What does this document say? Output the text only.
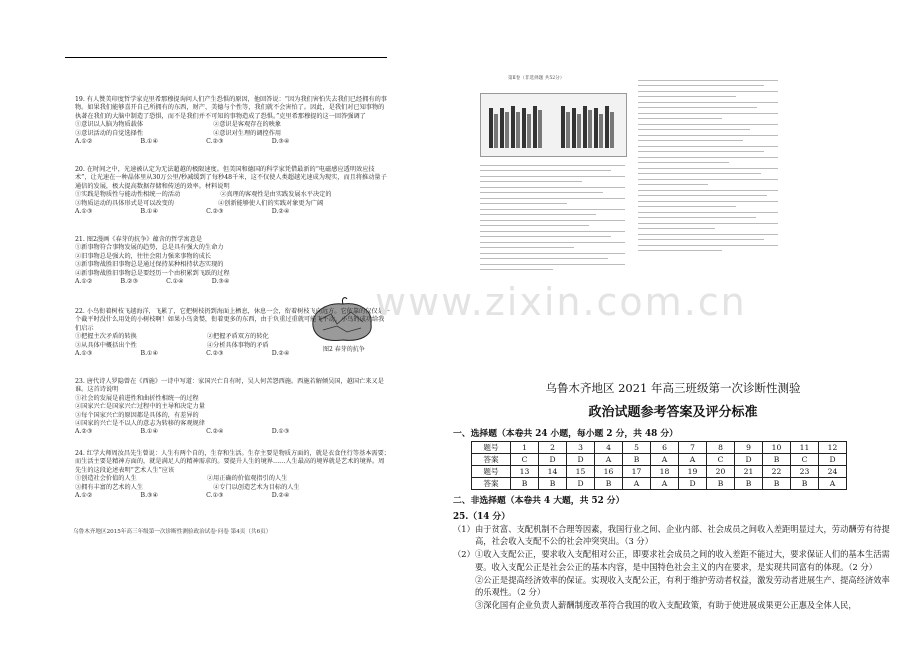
19. 有人赞美印度哲学家克里希那穆提询问人们产生恐惧的原因，他回答说：“因为我们害怕失去我们已经拥有的事物。如果我们能够喜开自己所拥有的东西，财产、美德与个性等，我们就不会害怕了。因此，是我们对已知事物的执著在我们的大脑中制造了恐惧，而不是我们并不可知的事物造成了恐惧。”克里希那穆提的这一回答强调了
①意识以人脑为物质载体	②意识是客观存在的映象
③意识活动的自觉选择性	④意识对生理的调控作用
A.①②	B.①④	C.②③	D.③④
20. 在时间之中，光速被认定为无法超越的极限速度。但美国和德国的科学家凭借最新的“电磁感应透明效应技术”，让光速在一种晶体里从30万公里/秒减缓到了每秒48千米，这不仅使人类超越光速成为现实，而且将推动量子通信的发展，极大提高数据存储和传送的效率。材料说明
①实践是物质性与能动性相统一的活动	②真理的客观性是由实践发展水平决定的
③物质运动的具体形式是可以改变的	④创新能够使人们的实践对象更为广阔
A.①③	B.①④	C.②③	D.②④
21. 图2漫画《春芽的抗争》蕴含的哲学寓意是
①新事物符合事物发展的趋势，总是具有强大的生命力
②旧事物总是强大的，往往会阻力强来事物的成长
③新事物战胜旧事物总是通过保持某种相持状态实现的
④新事物战胜旧事物总是要经历一个由积累到飞跃的过程
A.①②	B.②③	C.①④	D.③④
图2 春芽的抗争
22. 小鸟衔着树枝飞越海洋，飞累了，它把树枝扔到海面上栖息，休息一会，衔着树枝飞向远方。它依靠的仅仅是一个截平时没什么用处的小树枝啊！如果小鸟贪婪，衔着更多的东西，由于负重过重就可能飞不动。小鸟的成功给我们启示
①把握主次矛盾的转换	②把握矛盾双方的转化
③从具体中概括出个性	④分析具体事物的矛盾
A.①③	B.①④	C.②③	D.②④
23. 唐代诗人罗隐曾在《西施》一诗中写道：家国兴亡自有时，吴人何苦怨西施。西施若解倾吴国，越国亡来又是谁。这首诗说明
①社会的发展是前进性和曲折性相统一的过程
②国家兴亡是国家兴亡过程中的主导和决定力量
③每个国家兴亡的原因都是具体的，有差异的
④国家的兴亡是不以人的意志为转移的客观规律
A.②③	B.①④	C.②④	D.①③
24. 红学大师周汝昌先生曾说：人生有两个自的，生存和生活。生存主要是物质方面的，就是衣食住行等基本需要；而生活主要是精神方面的，就是满足人的精神需求的。要提升人生的境界……人生最高的境界就是艺术的境界。周先生的这段论述表明“艺术人生”应该
①创造社会价值的人生	②用正确的价值观指引的人生
③拥有丰富的艺术的人生	④专门以创造艺术为目标的人生
A.①②	B.③④	C.①③	D.②④
乌鲁木齐地区2015年高三年级第一次诊断性测验政治试卷·问卷 第4页（共6页）
第Ⅱ卷（非选择题 共52分）
www.zixin.com.cn
乌鲁木齐地区 2021 年高三班级第一次诊断性测验
政治试题参考答案及评分标准
一、选择题（本卷共 24 小题，每小题 2 分，共 48 分）
题号	1	2	3	4	5	6	7	8	9	10	11	12
答案	C	D	D	A	B	A	A	C	D	B	C	D
题号	13	14	15	16	17	18	19	20	21	22	23	24
答案	B	B	D	B	A	A	D	B	B	B	B	A
二、非选择题（本卷共 4 大题，共 52 分）
25.（14 分）
（1） 由于贫富、支配机制不合理等因素，我国行业之间、企业内部、社会成员之间收入差距明显过大，劳动酬劳有待提高，社会收入支配不公的社会冲突突出。（3 分）
（2） ①收入支配公正，要求收入支配相对公正，即要求社会成员之间的收入差距不能过大，要求保证人们的基本生活需要。收入支配公正是社会公正的基本内容，是中国特色社会主义的内在要求，是实现共同富有的体现。（2 分）
②公正是提高经济效率的保证。实现收入支配公正，有利于维护劳动者权益，激发劳动者进展生产、提高经济效率的乐观性。（2 分）
③深化国有企业负责人薪酬制度改革符合我国的收入支配政策，有助于使进展成果更公正惠及全体人民，
